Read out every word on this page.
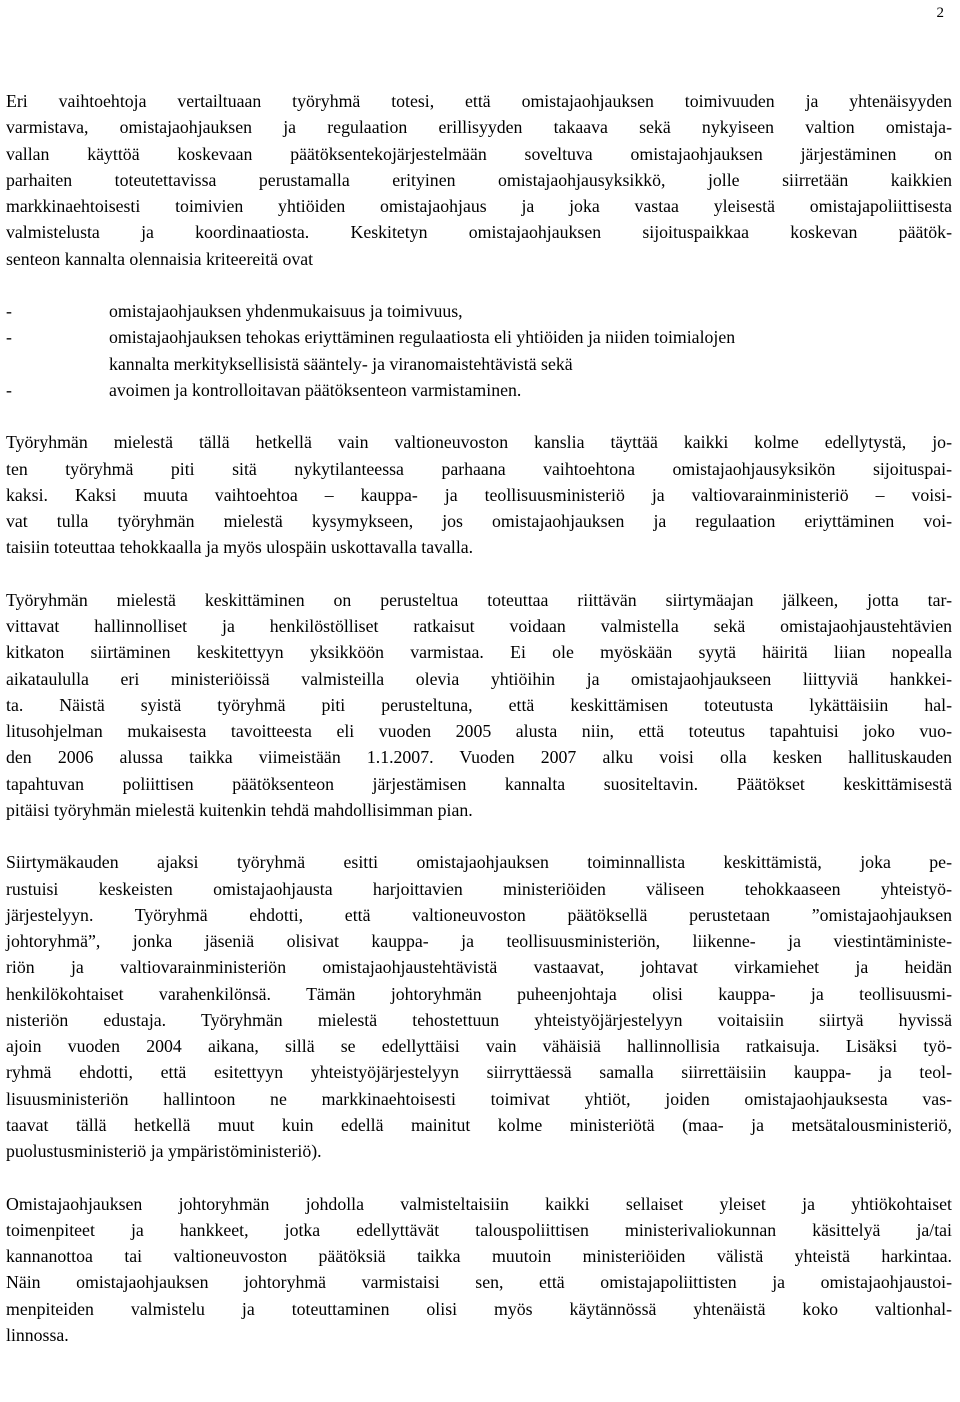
2
Eri vaihtoehtoja vertailtuaan työryhmä totesi, että omistajaohjauksen toimivuuden ja yhtenäisyyden
varmistava, omistajaohjauksen ja regulaation erillisyyden takaava sekä nykyiseen valtion omistaja-
vallan käyttöä koskevaan päätöksentekojärjestelmään soveltuva omistajaohjauksen järjestäminen on
parhaiten toteutettavissa perustamalla erityinen omistajaohjausyksikkö, jolle siirretään kaikkien
markkinaehtoisesti toimivien yhtiöiden omistajaohjaus ja joka vastaa yleisestä omistajapoliittisesta
valmistelusta ja koordinaatiosta. Keskitetyn omistajaohjauksen sijoituspaikkaa koskevan päätök-
senteon kannalta olennaisia kriteereitä ovat
-	omistajaohjauksen yhdenmukaisuus ja toimivuus,
-	omistajaohjauksen tehokas eriyttäminen regulaatiosta eli yhtiöiden ja niiden toimialojen
kannalta merkityksellisistä sääntely- ja viranomaistehtävistä sekä
-	avoimen ja kontrolloitavan päätöksenteon varmistaminen.
Työryhmän mielestä tällä hetkellä vain valtioneuvoston kanslia täyttää kaikki kolme edellytystä, jo-
ten työryhmä piti sitä nykytilanteessa parhaana vaihtoehtona omistajaohjausyksikön sijoituspai-
kaksi. Kaksi muuta vaihtoehtoa – kauppa- ja teollisuusministeriö ja valtiovarainministeriö – voisi-
vat tulla työryhmän mielestä kysymykseen, jos omistajaohjauksen ja regulaation eriyttäminen voi-
taisiin toteuttaa tehokkaalla ja myös ulospäin uskottavalla tavalla.
Työryhmän mielestä keskittäminen on perusteltua toteuttaa riittävän siirtymäajan jälkeen, jotta tar-
vittavat hallinnolliset ja henkilöstölliset ratkaisut voidaan valmistella sekä omistajaohjaustehtävien
kitkaton siirtäminen keskitettyyn yksikköön varmistaa. Ei ole myöskään syytä häiritä liian nopealla
aikataululla eri ministeriöissä valmisteilla olevia yhtiöihin ja omistajaohjaukseen liittyviä hankkei-
ta. Näistä syistä työryhmä piti perusteltuna, että keskittämisen toteutusta lykättäisiin hal-
litusohjelman mukaisesta tavoitteesta eli vuoden 2005 alusta niin, että toteutus tapahtuisi joko vuo-
den 2006 alussa taikka viimeistään 1.1.2007. Vuoden 2007 alku voisi olla kesken hallituskauden
tapahtuvan poliittisen päätöksenteon järjestämisen kannalta suositeltavin. Päätökset keskittämisestä
pitäisi työryhmän mielestä kuitenkin tehdä mahdollisimman pian.
Siirtymäkauden ajaksi työryhmä esitti omistajaohjauksen toiminnallista keskittämistä, joka pe-
rustuisi keskeisten omistajaohjausta harjoittavien ministeriöiden väliseen tehokkaaseen yhteistyö-
järjestelyyn. Työryhmä ehdotti, että valtioneuvoston päätöksellä perustetaan ”omistajaohjauksen
johtoryhmä”, jonka jäseniä olisivat kauppa- ja teollisuusministeriön, liikenne- ja viestintäministe-
riön ja valtiovarainministeriön omistajaohjaustehtävistä vastaavat, johtavat virkamiehet ja heidän
henkilökohtaiset varahenkilönsä. Tämän johtoryhmän puheenjohtaja olisi kauppa- ja teollisuusmi-
nisteriön edustaja. Työryhmän mielestä tehostettuun yhteistyöjärjestelyyn voitaisiin siirtyä hyvissä
ajoin vuoden 2004 aikana, sillä se edellyttäisi vain vähäisiä hallinnollisia ratkaisuja. Lisäksi työ-
ryhmä ehdotti, että esitettyyn yhteistyöjärjestelyyn siirryttäessä samalla siirrettäisiin kauppa- ja teol-
lisuusministeriön hallintoon ne markkinaehtoisesti toimivat yhtiöt, joiden omistajaohjauksesta vas-
taavat tällä hetkellä muut kuin edellä mainitut kolme ministeriötä (maa- ja metsätalousministeriö,
puolustusministeriö ja ympäristöministeriö).
Omistajaohjauksen johtoryhmän johdolla valmisteltaisiin kaikki sellaiset yleiset ja yhtiökohtaiset
toimenpiteet ja hankkeet, jotka edellyttävät talouspoliittisen ministerivaliokunnan käsittelyä ja/tai
kannanottoa tai valtioneuvoston päätöksiä taikka muutoin ministeriöiden välistä yhteistä harkintaa.
Näin omistajaohjauksen johtoryhmä varmistaisi sen, että omistajapoliittisten ja omistajaohjaustoi-
menpiteiden valmistelu ja toteuttaminen olisi myös käytännössä yhtenäistä koko valtionhal-
linnossa.
